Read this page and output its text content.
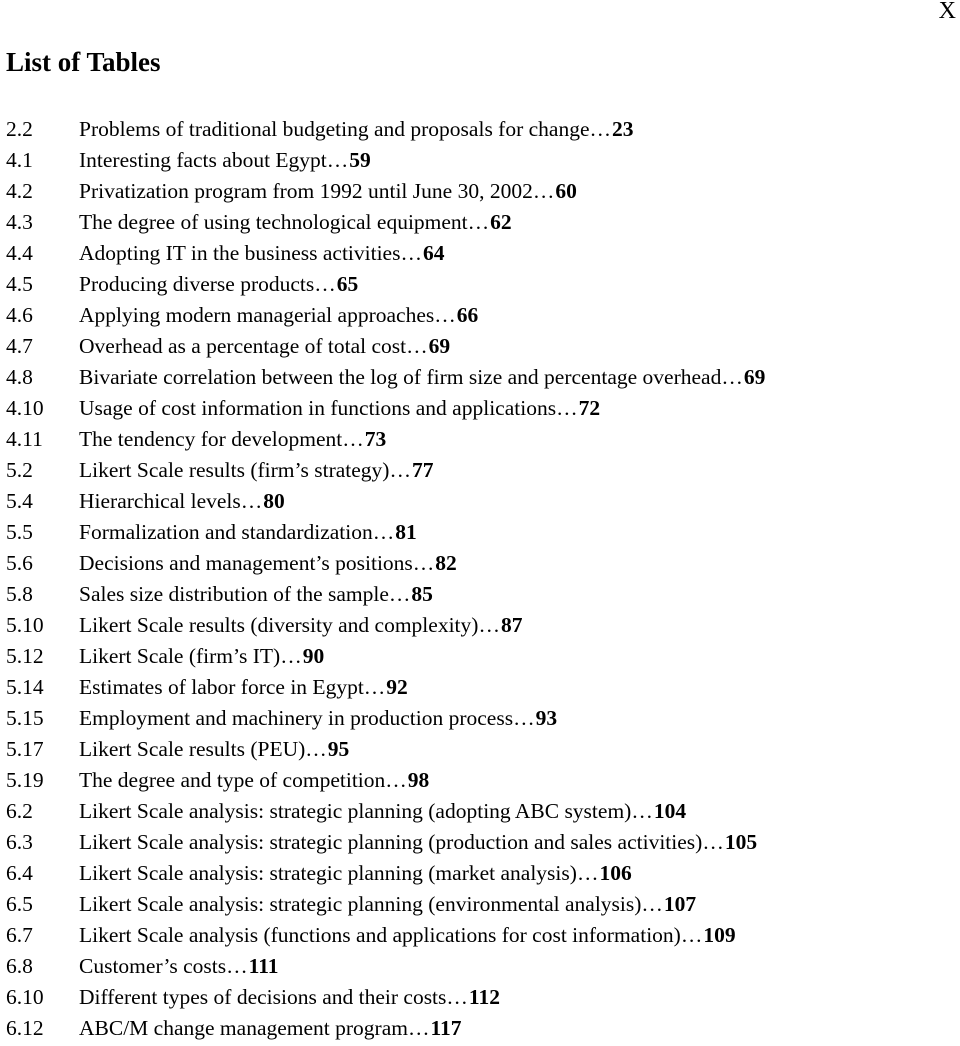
X
List of Tables
2.2	Problems of traditional budgeting and proposals for change … 23
4.1	Interesting facts about Egypt … 59
4.2	Privatization program from 1992 until June 30, 2002 … 60
4.3	The degree of using technological equipment … 62
4.4	Adopting IT in the business activities … 64
4.5	Producing diverse products … 65
4.6	Applying modern managerial approaches … 66
4.7	Overhead as a percentage of total cost … 69
4.8	Bivariate correlation between the log of firm size and percentage overhead … 69
4.10	Usage of cost information in functions and applications … 72
4.11	The tendency for development … 73
5.2	Likert Scale results (firm’s strategy) … 77
5.4	Hierarchical levels … 80
5.5	Formalization and standardization … 81
5.6	Decisions and management’s positions … 82
5.8	Sales size distribution of the sample … 85
5.10	Likert Scale results (diversity and complexity) … 87
5.12	Likert Scale (firm’s IT) … 90
5.14	Estimates of labor force in Egypt … 92
5.15	Employment and machinery in production process … 93
5.17	Likert Scale results (PEU) … 95
5.19	The degree and type of competition … 98
6.2	Likert Scale analysis: strategic planning (adopting ABC system) … 104
6.3	Likert Scale analysis: strategic planning (production and sales activities) … 105
6.4	Likert Scale analysis: strategic planning (market analysis) … 106
6.5	Likert Scale analysis: strategic planning (environmental analysis) … 107
6.7	Likert Scale analysis (functions and applications for cost information) … 109
6.8	Customer’s costs … 111
6.10	Different types of decisions and their costs … 112
6.12	ABC/M change management program … 117
